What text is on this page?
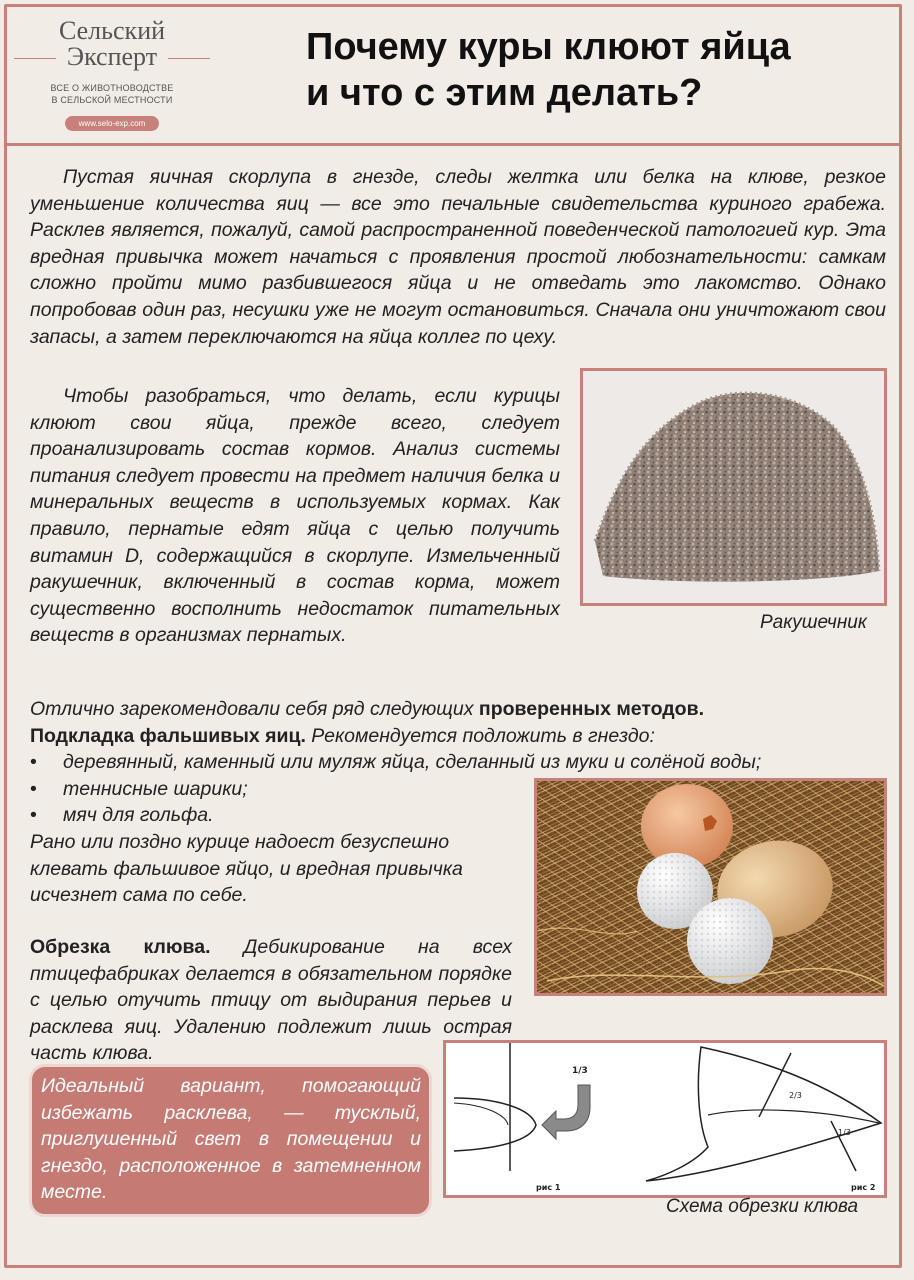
Сельский
Эксперт
ВСЕ О ЖИВОТНОВОДСТВЕ
В СЕЛЬСКОЙ МЕСТНОСТИ
www.selo-exp.com
Почему куры клюют яйца
и что с этим делать?

Пустая яичная скорлупа в гнезде, следы желтка или белка на клюве, резкое уменьшение количества яиц — все это печальные свидетельства куриного грабежа. Расклев является, пожалуй, самой распространенной поведенческой патологией кур. Эта вредная привычка может начаться с проявления простой любознательности: самкам сложно пройти мимо разбившегося яйца и не отведать это лакомство. Однако попробовав один раз, несушки уже не могут остановиться. Сначала они уничтожают свои запасы, а затем переключаются на яйца коллег по цеху.

Ракушечник

Чтобы разобраться, что делать, если курицы клюют свои яйца, прежде всего, следует проанализировать состав кормов. Анализ системы питания следует провести на предмет наличия белка и минеральных веществ в используемых кормах. Как правило, пернатые едят яйца с целью получить витамин D, содержащийся в скорлупе. Измельченный ракушечник, включенный в состав корма, может существенно восполнить недостаток питательных веществ в организмах пернатых.

Отлично зарекомендовали себя ряд следующих проверенных методов.

Подкладка фальшивых яиц. Рекомендуется подложить в гнездо:

• деревянный, каменный или муляж яйца, сделанный из муки и солёной воды;
• теннисные шарики;
• мяч для гольфа.

Рано или поздно курице надоест безуспешно клевать фальшивое яйцо, и вредная привычка исчезнет сама по себе.

Обрезка клюва. Дебикирование на всех птицефабриках делается в обязательном порядке с целью отучить птицу от выдирания перьев и расклева яиц. Удалению подлежит лишь острая часть клюва.

1/3
рис 1
2/3
1/3
рис 2
Схема обрезки клюва

Идеальный вариант, помогающий избежать расклева, — тусклый, приглушенный свет в помещении и гнездо, расположенное в затемненном месте.
